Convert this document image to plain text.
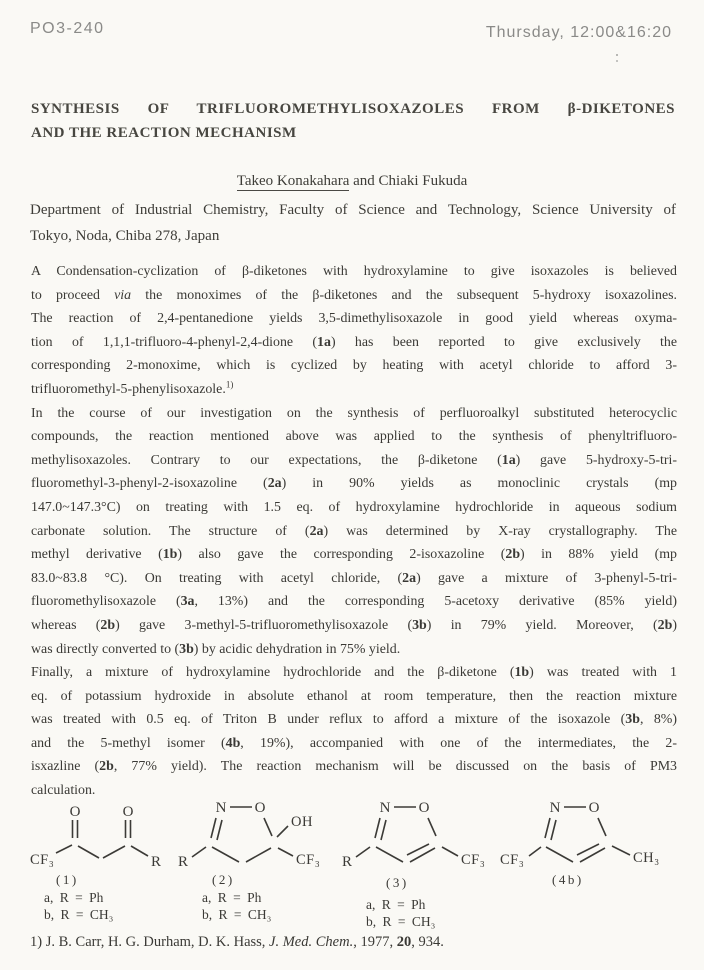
PO3-240	Thursday, 12:00&16:20
SYNTHESIS OF TRIFLUOROMETHYLISOXAZOLES FROM β-DIKETONES
AND THE REACTION MECHANISM
Takeo Konakahara and Chiaki Fukuda
Department of Industrial Chemistry, Faculty of Science and Technology, Science University of
Tokyo, Noda, Chiba 278, Japan
A Condensation-cyclization of β-diketones with hydroxylamine to give isoxazoles is believed
to proceed via the monoximes of the β-diketones and the subsequent 5-hydroxy isoxazolines.
The reaction of 2,4-pentanedione yields 3,5-dimethylisoxazole in good yield whereas oxyma-
tion of 1,1,1-trifluoro-4-phenyl-2,4-dione (1a) has been reported to give exclusively the
corresponding 2-monoxime, which is cyclized by heating with acetyl chloride to afford 3-
trifluoromethyl-5-phenylisoxazole.$^{1)}$
In the course of our investigation on the synthesis of perfluoroalkyl substituted heterocyclic
compounds, the reaction mentioned above was applied to the synthesis of phenyltrifluoro-
methylisoxazoles. Contrary to our expectations, the β-diketone (1a) gave 5-hydroxy-5-tri-
fluoromethyl-3-phenyl-2-isoxazoline (2a) in 90% yields as monoclinic crystals (mp
147.0~147.3°C) on treating with 1.5 eq. of hydroxylamine hydrochloride in aqueous sodium
carbonate solution. The structure of (2a) was determined by X-ray crystallography. The
methyl derivative (1b) also gave the corresponding 2-isoxazoline (2b) in 88% yield (mp
83.0~83.8 °C). On treating with acetyl chloride, (2a) gave a mixture of 3-phenyl-5-tri-
fluoromethylisoxazole (3a, 13%) and the corresponding 5-acetoxy derivative (85% yield)
whereas (2b) gave 3-methyl-5-trifluoromethylisoxazole (3b) in 79% yield. Moreover, (2b)
was directly converted to (3b) by acidic dehydration in 75% yield.
Finally, a mixture of hydroxylamine hydrochloride and the β-diketone (1b) was treated with 1
eq. of potassium hydroxide in absolute ethanol at room temperature, then the reaction mixture
was treated with 0.5 eq. of Triton B under reflux to afford a mixture of the isoxazole (3b, 8%)
and the 5-methyl isomer (4b, 19%), accompanied with one of the intermediates, the 2-
isxazline (2b, 77% yield). The reaction mechanism will be discussed on the basis of PM3
calculation.
CF₃
O	O
R
(1)
a, R = Ph
b, R = CH₃
R
N O
OH
CF₃
(2)
a, R = Ph
b, R = CH₃
R
N O
CF₃
(3)
a, R = Ph
b, R = CH₃
CF₃
N O
CH₃
(4b)
1) J. B. Carr, H. G. Durham, D. K. Hass, J. Med. Chem., 1977, 20, 934.
